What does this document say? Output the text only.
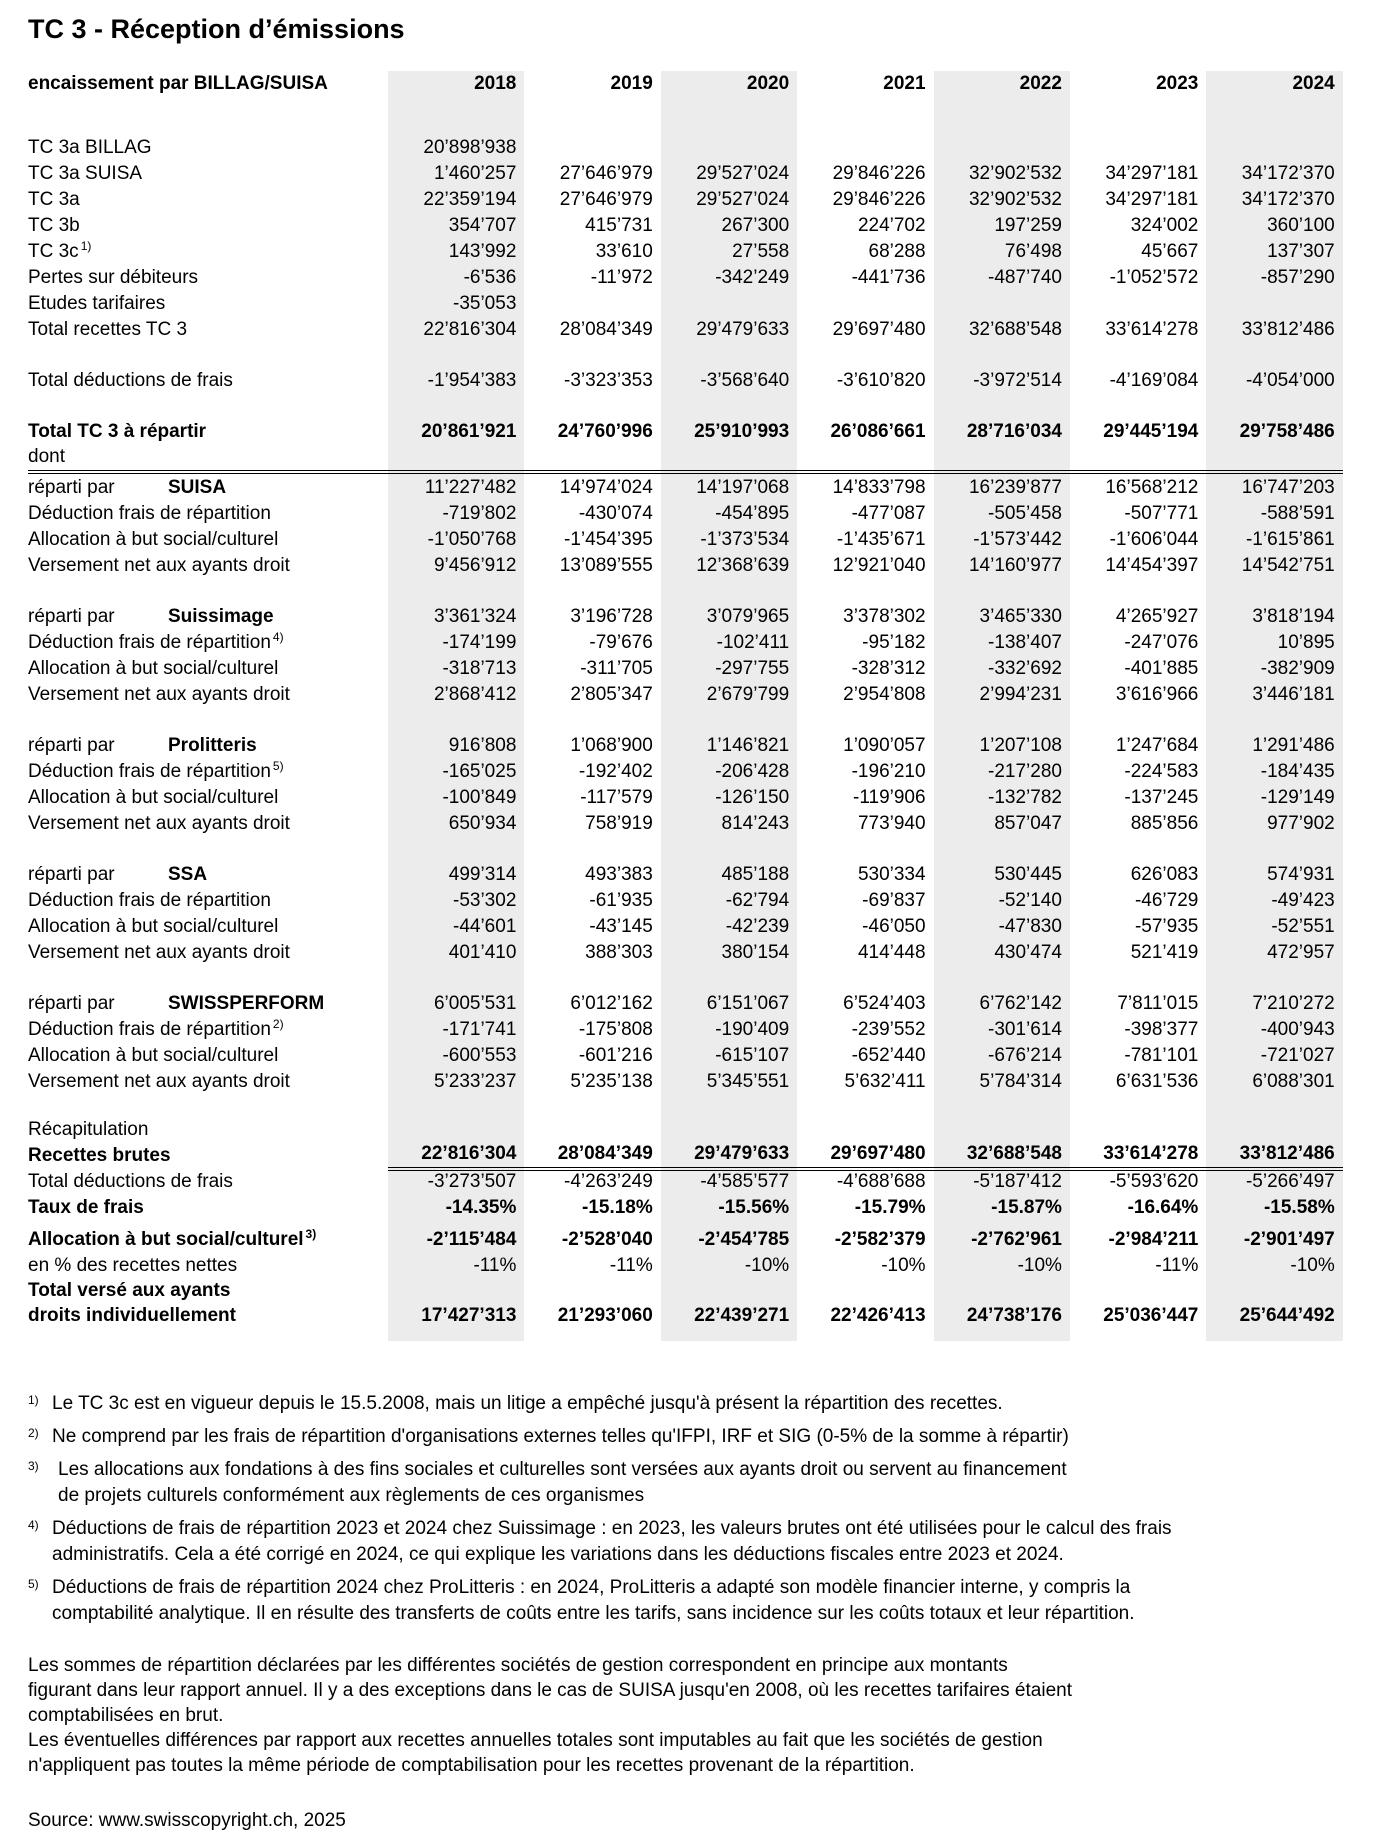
TC 3 - Réception d’émissions
encaissement par BILLAG/SUISA	2018	2019	2020	2021	2022	2023	2024
TC 3a BILLAG	20’898’938
TC 3a SUISA	1’460’257	27’646’979	29’527’024	29’846’226	32’902’532	34’297’181	34’172’370
TC 3a	22’359’194	27’646’979	29’527’024	29’846’226	32’902’532	34’297’181	34’172’370
TC 3b	354’707	415’731	267’300	224’702	197’259	324’002	360’100
TC 3c $^{1)}$	143’992	33’610	27’558	68’288	76’498	45’667	137’307
Pertes sur débiteurs	-6’536	-11’972	-342’249	-441’736	-487’740	-1’052’572	-857’290
Etudes tarifaires	-35’053
Total recettes TC 3	22’816’304	28’084’349	29’479’633	29’697’480	32’688’548	33’614’278	33’812’486
Total déductions de frais	-1’954’383	-3’323’353	-3’568’640	-3’610’820	-3’972’514	-4’169’084	-4’054’000
Total TC 3 à répartir	20’861’921	24’760’996	25’910’993	26’086’661	28’716’034	29’445’194	29’758’486
dont
réparti par	SUISA	11’227’482	14’974’024	14’197’068	14’833’798	16’239’877	16’568’212	16’747’203
Déduction frais de répartition	-719’802	-430’074	-454’895	-477’087	-505’458	-507’771	-588’591
Allocation à but social/culturel	-1’050’768	-1’454’395	-1’373’534	-1’435’671	-1’573’442	-1’606’044	-1’615’861
Versement net aux ayants droit	9’456’912	13’089’555	12’368’639	12’921’040	14’160’977	14’454’397	14’542’751
réparti par	Suissimage	3’361’324	3’196’728	3’079’965	3’378’302	3’465’330	4’265’927	3’818’194
Déduction frais de répartition $^{4)}$	-174’199	-79’676	-102’411	-95’182	-138’407	-247’076	10’895
Allocation à but social/culturel	-318’713	-311’705	-297’755	-328’312	-332’692	-401’885	-382’909
Versement net aux ayants droit	2’868’412	2’805’347	2’679’799	2’954’808	2’994’231	3’616’966	3’446’181
réparti par	Prolitteris	916’808	1’068’900	1’146’821	1’090’057	1’207’108	1’247’684	1’291’486
Déduction frais de répartition $^{5)}$	-165’025	-192’402	-206’428	-196’210	-217’280	-224’583	-184’435
Allocation à but social/culturel	-100’849	-117’579	-126’150	-119’906	-132’782	-137’245	-129’149
Versement net aux ayants droit	650’934	758’919	814’243	773’940	857’047	885’856	977’902
réparti par	SSA	499’314	493’383	485’188	530’334	530’445	626’083	574’931
Déduction frais de répartition	-53’302	-61’935	-62’794	-69’837	-52’140	-46’729	-49’423
Allocation à but social/culturel	-44’601	-43’145	-42’239	-46’050	-47’830	-57’935	-52’551
Versement net aux ayants droit	401’410	388’303	380’154	414’448	430’474	521’419	472’957
réparti par	SWISSPERFORM	6’005’531	6’012’162	6’151’067	6’524’403	6’762’142	7’811’015	7’210’272
Déduction frais de répartition $^{2)}$	-171’741	-175’808	-190’409	-239’552	-301’614	-398’377	-400’943
Allocation à but social/culturel	-600’553	-601’216	-615’107	-652’440	-676’214	-781’101	-721’027
Versement net aux ayants droit	5’233’237	5’235’138	5’345’551	5’632’411	5’784’314	6’631’536	6’088’301
Récapitulation
Recettes brutes	22’816’304	28’084’349	29’479’633	29’697’480	32’688’548	33’614’278	33’812’486
Total déductions de frais	-3’273’507	-4’263’249	-4’585’577	-4’688’688	-5’187’412	-5’593’620	-5’266’497
Taux de frais	-14.35%	-15.18%	-15.56%	-15.79%	-15.87%	-16.64%	-15.58%
Allocation à but social/culturel $^{3)}$	-2’115’484	-2’528’040	-2’454’785	-2’582’379	-2’762’961	-2’984’211	-2’901’497
en % des recettes nettes	-11%	-11%	-10%	-10%	-10%	-11%	-10%
Total versé aux ayants
droits individuellement	17’427’313	21’293’060	22’439’271	22’426’413	24’738’176	25’036’447	25’644’492
1) Le TC 3c est en vigueur depuis le 15.5.2008, mais un litige a empêché jusqu'à présent la répartition des recettes.
2) Ne comprend par les frais de répartition d'organisations externes telles qu'IFPI, IRF et SIG (0-5% de la somme à répartir)
3) Les allocations aux fondations à des fins sociales et culturelles sont versées aux ayants droit ou servent au financement
de projets culturels conformément aux règlements de ces organismes
4) Déductions de frais de répartition 2023 et 2024 chez Suissimage : en 2023, les valeurs brutes ont été utilisées pour le calcul des frais
administratifs. Cela a été corrigé en 2024, ce qui explique les variations dans les déductions fiscales entre 2023 et 2024.
5) Déductions de frais de répartition 2024 chez ProLitteris : en 2024, ProLitteris a adapté son modèle financier interne, y compris la
comptabilité analytique. Il en résulte des transferts de coûts entre les tarifs, sans incidence sur les coûts totaux et leur répartition.
Les sommes de répartition déclarées par les différentes sociétés de gestion correspondent en principe aux montants
figurant dans leur rapport annuel. Il y a des exceptions dans le cas de SUISA jusqu'en 2008, où les recettes tarifaires étaient
comptabilisées en brut.
Les éventuelles différences par rapport aux recettes annuelles totales sont imputables au fait que les sociétés de gestion
n'appliquent pas toutes la même période de comptabilisation pour les recettes provenant de la répartition.
Source: www.swisscopyright.ch, 2025
